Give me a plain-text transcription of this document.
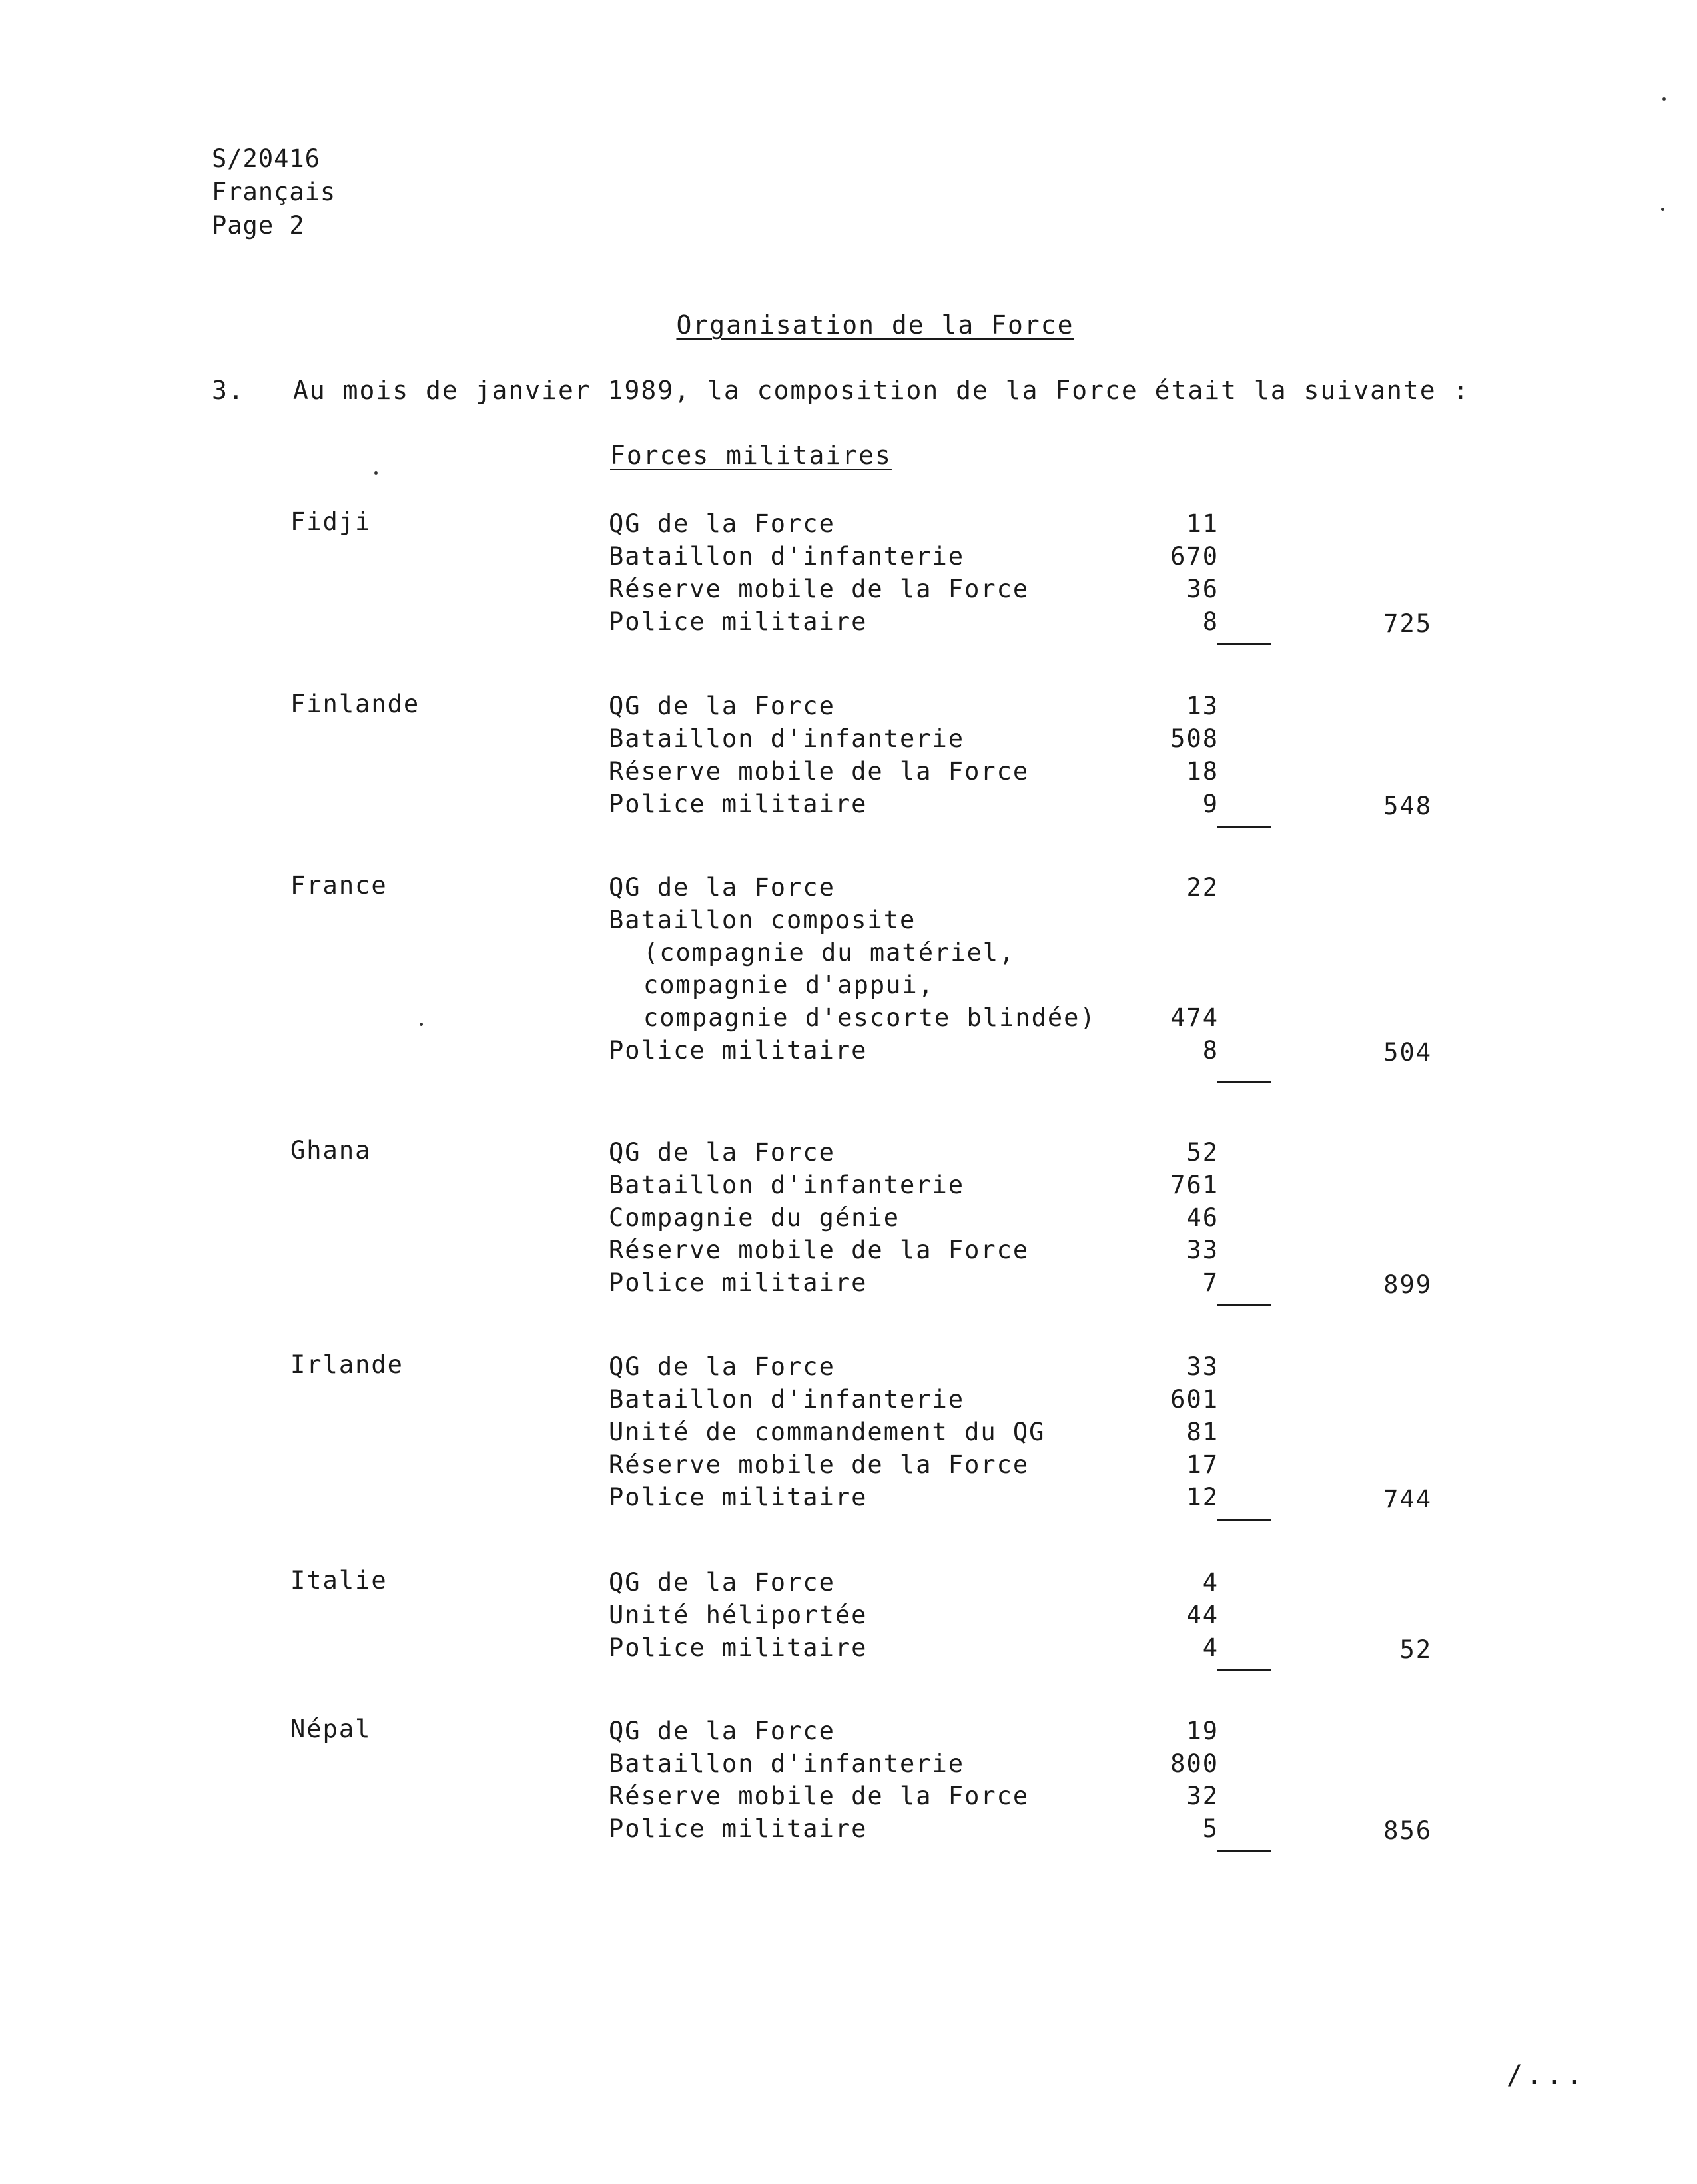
S/20416
Français
Page 2
Organisation de la Force
3. Au mois de janvier 1989, la composition de la Force était la suivante :
Forces militaires
Fidji	QG de la Force	11
Bataillon d'infanterie	670
Réserve mobile de la Force	36
Police militaire	8	725
Finlande	QG de la Force	13
Bataillon d'infanterie	508
Réserve mobile de la Force	18
Police militaire	9	548
France	QG de la Force	22
Bataillon composite
(compagnie du matériel,
compagnie d'appui,
compagnie d'escorte blindée)	474
Police militaire	8	504
Ghana	QG de la Force	52
Bataillon d'infanterie	761
Compagnie du génie	46
Réserve mobile de la Force	33
Police militaire	7	899
Irlande	QG de la Force	33
Bataillon d'infanterie	601
Unité de commandement du QG	81
Réserve mobile de la Force	17
Police militaire	12	744
Italie	QG de la Force	4
Unité héliportée	44
Police militaire	4	52
Népal	QG de la Force	19
Bataillon d'infanterie	800
Réserve mobile de la Force	32
Police militaire	5	856
/...
